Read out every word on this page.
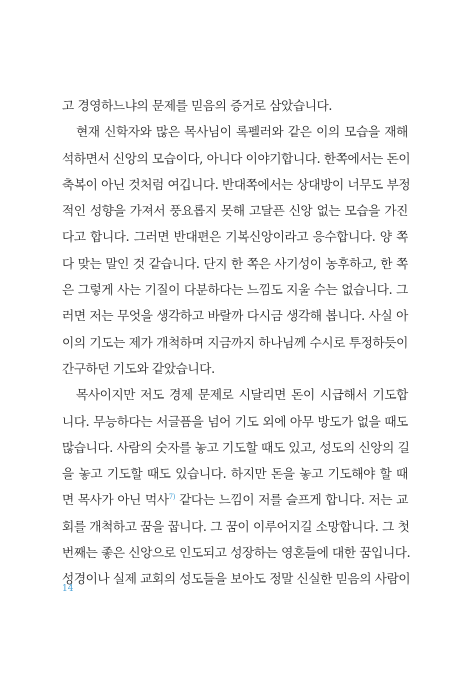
고 경영하느냐의 문제를 믿음의 증거로 삼았습니다.
현재 신학자와 많은 목사님이 록펠러와 같은 이의 모습을 재해
석하면서 신앙의 모습이다, 아니다 이야기합니다. 한쪽에서는 돈이
축복이 아닌 것처럼 여깁니다. 반대쪽에서는 상대방이 너무도 부정
적인 성향을 가져서 풍요롭지 못해 고달픈 신앙 없는 모습을 가진
다고 합니다. 그러면 반대편은 기복신앙이라고 응수합니다. 양 쪽
다 맞는 말인 것 같습니다. 단지 한 쪽은 사기성이 농후하고, 한 쪽
은 그렇게 사는 기질이 다분하다는 느낌도 지울 수는 없습니다. 그
러면 저는 무엇을 생각하고 바랄까 다시금 생각해 봅니다. 사실 아
이의 기도는 제가 개척하며 지금까지 하나님께 수시로 투정하듯이
간구하던 기도와 같았습니다.
목사이지만 저도 경제 문제로 시달리면 돈이 시급해서 기도합
니다. 무능하다는 서글픔을 넘어 기도 외에 아무 방도가 없을 때도
많습니다. 사람의 숫자를 놓고 기도할 때도 있고, 성도의 신앙의 길
을 놓고 기도할 때도 있습니다. 하지만 돈을 놓고 기도해야 할 때
면 목사가 아닌 먹사$^{7)}$ 같다는 느낌이 저를 슬프게 합니다. 저는 교
회를 개척하고 꿈을 꿉니다. 그 꿈이 이루어지길 소망합니다. 그 첫
번째는 좋은 신앙으로 인도되고 성장하는 영혼들에 대한 꿈입니다.
성경이나 실제 교회의 성도들을 보아도 정말 신실한 믿음의 사람이
14
